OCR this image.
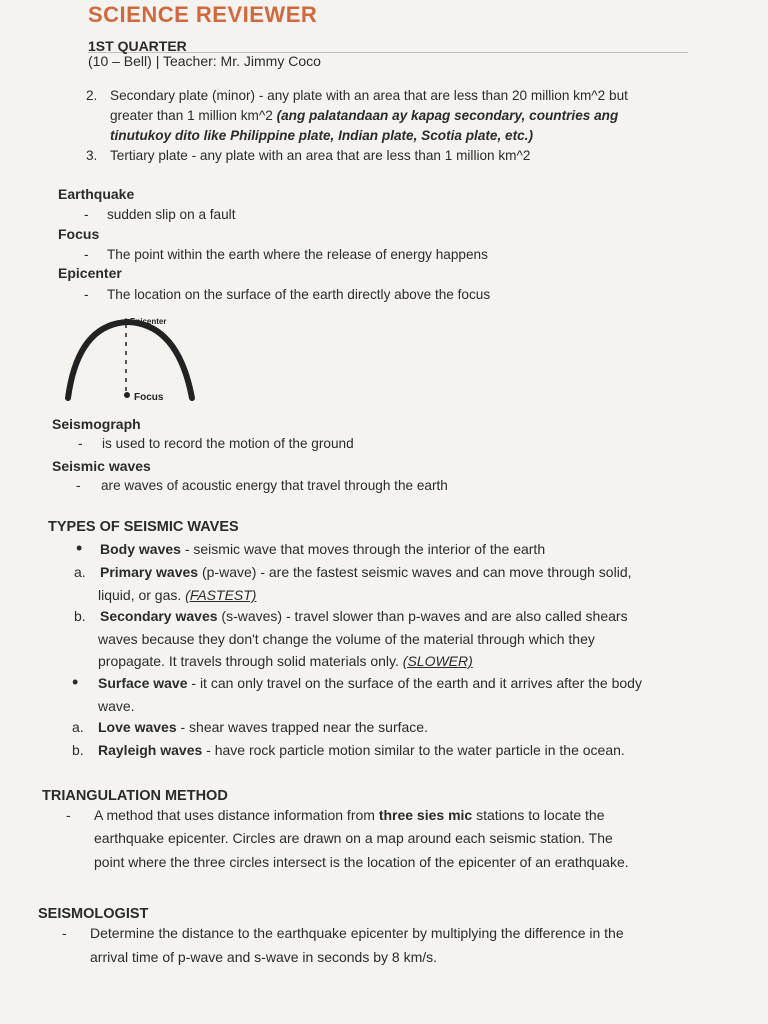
SCIENCE REVIEWER
1ST QUARTER
(10 – Bell) | Teacher: Mr. Jimmy Coco
2. Secondary plate (minor) - any plate with an area that are less than 20 million km^2 but
greater than 1 million km^2 (ang palatandaan ay kapag secondary, countries ang
tinutukoy dito like Philippine plate, Indian plate, Scotia plate, etc.)
3. Tertiary plate - any plate with an area that are less than 1 million km^2
Earthquake
- sudden slip on a fault
Focus
- The point within the earth where the release of energy happens
Epicenter
- The location on the surface of the earth directly above the focus
Epicenter
Focus
Seismograph
- is used to record the motion of the ground
Seismic waves
- are waves of acoustic energy that travel through the earth
TYPES OF SEISMIC WAVES
• Body waves - seismic wave that moves through the interior of the earth
a. Primary waves (p-wave) - are the fastest seismic waves and can move through solid,
liquid, or gas. (FASTEST)
b. Secondary waves (s-waves) - travel slower than p-waves and are also called shears
waves because they don't change the volume of the material through which they
propagate. It travels through solid materials only. (SLOWER)
• Surface wave - it can only travel on the surface of the earth and it arrives after the body
wave.
a. Love waves - shear waves trapped near the surface.
b. Rayleigh waves - have rock particle motion similar to the water particle in the ocean.
TRIANGULATION METHOD
- A method that uses distance information from three sies mic stations to locate the
earthquake epicenter. Circles are drawn on a map around each seismic station. The
point where the three circles intersect is the location of the epicenter of an erathquake.
SEISMOLOGIST
- Determine the distance to the earthquake epicenter by multiplying the difference in the
arrival time of p-wave and s-wave in seconds by 8 km/s.
